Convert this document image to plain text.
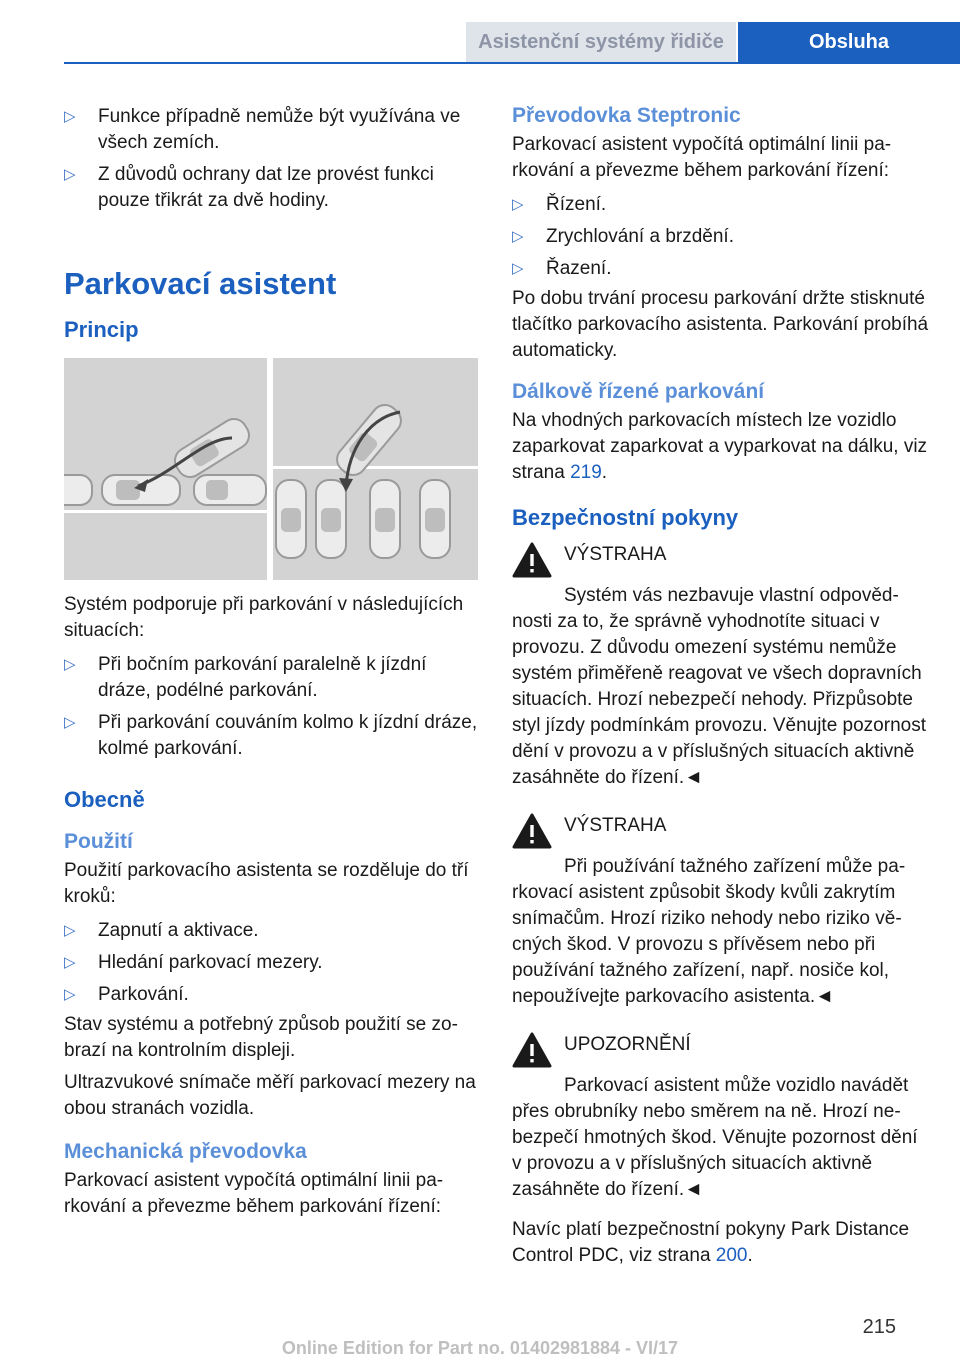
Asistenční systémy řidiče	Obsluha
▷	Funkce případně nemůže být využívána ve všech zemích.
▷	Z důvodů ochrany dat lze provést funkci pouze třikrát za dvě hodiny.
Parkovací asistent
Princip

Systém podporuje při parkování v následujících situacích:

▷	Při bočním parkování paralelně k jízdní dráze, podélné parkování.
▷	Při parkování couváním kolmo k jízdní dráze, kolmé parkování.
Obecně
Použití

Použití parkovacího asistenta se rozděluje do tří kroků:

▷	Zapnutí a aktivace.
▷	Hledání parkovací mezery.
▷	Parkování.

Stav systému a potřebný způsob použití se zobrazí na kontrolním displeji.

Ultrazvukové snímače měří parkovací mezery na obou stranách vozidla.

Mechanická převodovka

Parkovací asistent vypočítá optimální linii parkování a převezme během parkování řízení:

Převodovka Steptronic

Parkovací asistent vypočítá optimální linii parkování a převezme během parkování řízení:

▷	Řízení.
▷	Zrychlování a brzdění.
▷	Řazení.

Po dobu trvání procesu parkování držte stisknuté tlačítko parkovacího asistenta. Parkování probíhá automaticky.

Dálkově řízené parkování

Na vhodných parkovacích místech lze vozidlo zaparkovat zaparkovat a vyparkovat na dálku, viz strana 219.

Bezpečnostní pokyny
VÝSTRAHA

Systém vás nezbavuje vlastní odpovědnosti za to, že správně vyhodnotíte situaci v provozu. Z důvodu omezení systému nemůže systém přiměřeně reagovat ve všech dopravních situacích. Hrozí nebezpečí nehody. Přizpůsobte styl jízdy podmínkám provozu. Věnujte pozornost dění v provozu a v příslušných situacích aktivně zasáhněte do řízení.◄

VÝSTRAHA

Při používání tažného zařízení může parkovací asistent způsobit škody kvůli zakrytím snímačům. Hrozí riziko nehody nebo riziko věcných škod. V provozu s přívěsem nebo při používání tažného zařízení, např. nosiče kol, nepoužívejte parkovacího asistenta.◄

UPOZORNĚNÍ

Parkovací asistent může vozidlo navádět přes obrubníky nebo směrem na ně. Hrozí nebezpečí hmotných škod. Věnujte pozornost dění v provozu a v příslušných situacích aktivně zasáhněte do řízení.◄

Navíc platí bezpečnostní pokyny Park Distance Control PDC, viz strana 200.

215
Online Edition for Part no. 01402981884 - VI/17
